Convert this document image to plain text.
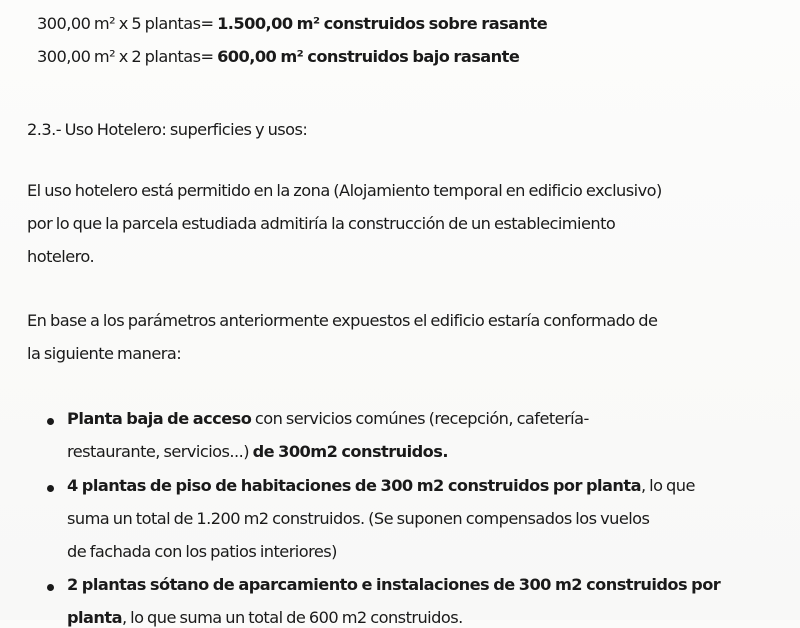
300,00 m² x 5 plantas= 1.500,00 m² construidos sobre rasante
300,00 m² x 2 plantas= 600,00 m² construidos bajo rasante
2.3.- Uso Hotelero: superficies y usos:
El uso hotelero está permitido en la zona (Alojamiento temporal en edificio exclusivo)
por lo que la parcela estudiada admitiría la construcción de un establecimiento
hotelero.
En base a los parámetros anteriormente expuestos el edificio estaría conformado de
la siguiente manera:
Planta baja de acceso con servicios comúnes (recepción, cafetería-
restaurante, servicios...) de 300m2 construidos.
4 plantas de piso de habitaciones de 300 m2 construidos por planta, lo que
suma un total de 1.200 m2 construidos. (Se suponen compensados los vuelos
de fachada con los patios interiores)
2 plantas sótano de aparcamiento e instalaciones de 300 m2 construidos por
planta, lo que suma un total de 600 m2 construidos.
